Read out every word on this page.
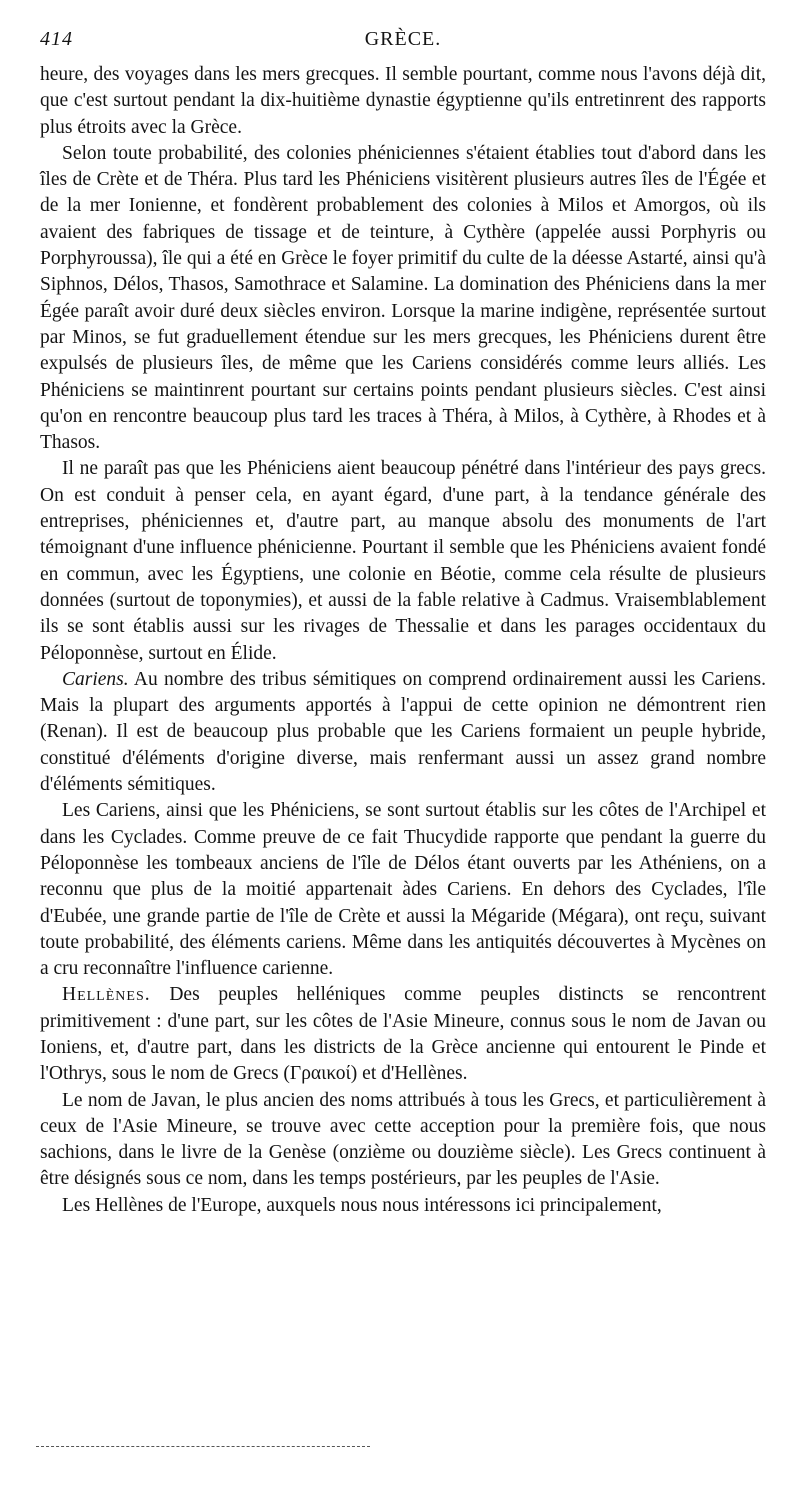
414	GRÈCE.

heure, des voyages dans les mers grecques. Il semble pourtant, comme nous l'avons déjà dit, que c'est surtout pendant la dix-huitième dynastie égyptienne qu'ils entretinrent des rapports plus étroits avec la Grèce.

Selon toute probabilité, des colonies phéniciennes s'étaient établies tout d'abord dans les îles de Crète et de Théra. Plus tard les Phéniciens visitèrent plusieurs autres îles de l'Égée et de la mer Ionienne, et fondèrent probablement des colonies à Milos et Amorgos, où ils avaient des fabriques de tissage et de teinture, à Cythère (appelée aussi Porphyris ou Porphyroussa), île qui a été en Grèce le foyer primitif du culte de la déesse Astarté, ainsi qu'à Siphnos, Délos, Thasos, Samothrace et Salamine. La domination des Phéniciens dans la mer Égée paraît avoir duré deux siècles environ. Lorsque la marine indigène, représentée surtout par Minos, se fut graduellement étendue sur les mers grecques, les Phéniciens durent être expulsés de plusieurs îles, de même que les Cariens considérés comme leurs alliés. Les Phéniciens se maintinrent pourtant sur certains points pendant plusieurs siècles. C'est ainsi qu'on en rencontre beaucoup plus tard les traces à Théra, à Milos, à Cythère, à Rhodes et à Thasos.

Il ne paraît pas que les Phéniciens aient beaucoup pénétré dans l'intérieur des pays grecs. On est conduit à penser cela, en ayant égard, d'une part, à la tendance générale des entreprises, phéniciennes et, d'autre part, au manque absolu des monuments de l'art témoignant d'une influence phénicienne. Pourtant il semble que les Phéniciens avaient fondé en commun, avec les Égyptiens, une colonie en Béotie, comme cela résulte de plusieurs données (surtout de toponymies), et aussi de la fable relative à Cadmus. Vraisemblablement ils se sont établis aussi sur les rivages de Thessalie et dans les parages occidentaux du Péloponnèse, surtout en Élide.

Cariens. Au nombre des tribus sémitiques on comprend ordinairement aussi les Cariens. Mais la plupart des arguments apportés à l'appui de cette opinion ne démontrent rien (Renan). Il est de beaucoup plus probable que les Cariens formaient un peuple hybride, constitué d'éléments d'origine diverse, mais renfermant aussi un assez grand nombre d'éléments sémitiques.

Les Cariens, ainsi que les Phéniciens, se sont surtout établis sur les côtes de l'Archipel et dans les Cyclades. Comme preuve de ce fait Thucydide rapporte que pendant la guerre du Péloponnèse les tombeaux anciens de l'île de Délos étant ouverts par les Athéniens, on a reconnu que plus de la moitié appartenait àdes Cariens. En dehors des Cyclades, l'île d'Eubée, une grande partie de l'île de Crète et aussi la Mégaride (Mégara), ont reçu, suivant toute probabilité, des éléments cariens. Même dans les antiquités découvertes à Mycènes on a cru reconnaître l'influence carienne.

Hellènes. Des peuples helléniques comme peuples distincts se rencontrent primitivement : d'une part, sur les côtes de l'Asie Mineure, connus sous le nom de Javan ou Ioniens, et, d'autre part, dans les districts de la Grèce ancienne qui entourent le Pinde et l'Othrys, sous le nom de Grecs (Γραικοί) et d'Hellènes.

Le nom de Javan, le plus ancien des noms attribués à tous les Grecs, et particulièrement à ceux de l'Asie Mineure, se trouve avec cette acception pour la première fois, que nous sachions, dans le livre de la Genèse (onzième ou douzième siècle). Les Grecs continuent à être désignés sous ce nom, dans les temps postérieurs, par les peuples de l'Asie.

Les Hellènes de l'Europe, auxquels nous nous intéressons ici principalement,
